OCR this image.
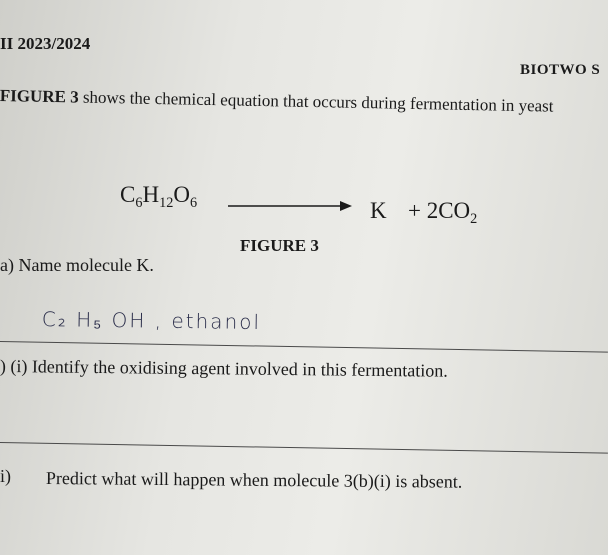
II 2023/2024
BIOTWO S
FIGURE 3 shows the chemical equation that occurs during fermentation in yeast
$C_6H_{12}O_6$	$K + 2CO_2$
FIGURE 3
a) Name molecule K.
C₂ H₅ OH , ethanol
) (i) Identify the oxidising agent involved in this fermentation.
i) Predict what will happen when molecule 3(b)(i) is absent.
